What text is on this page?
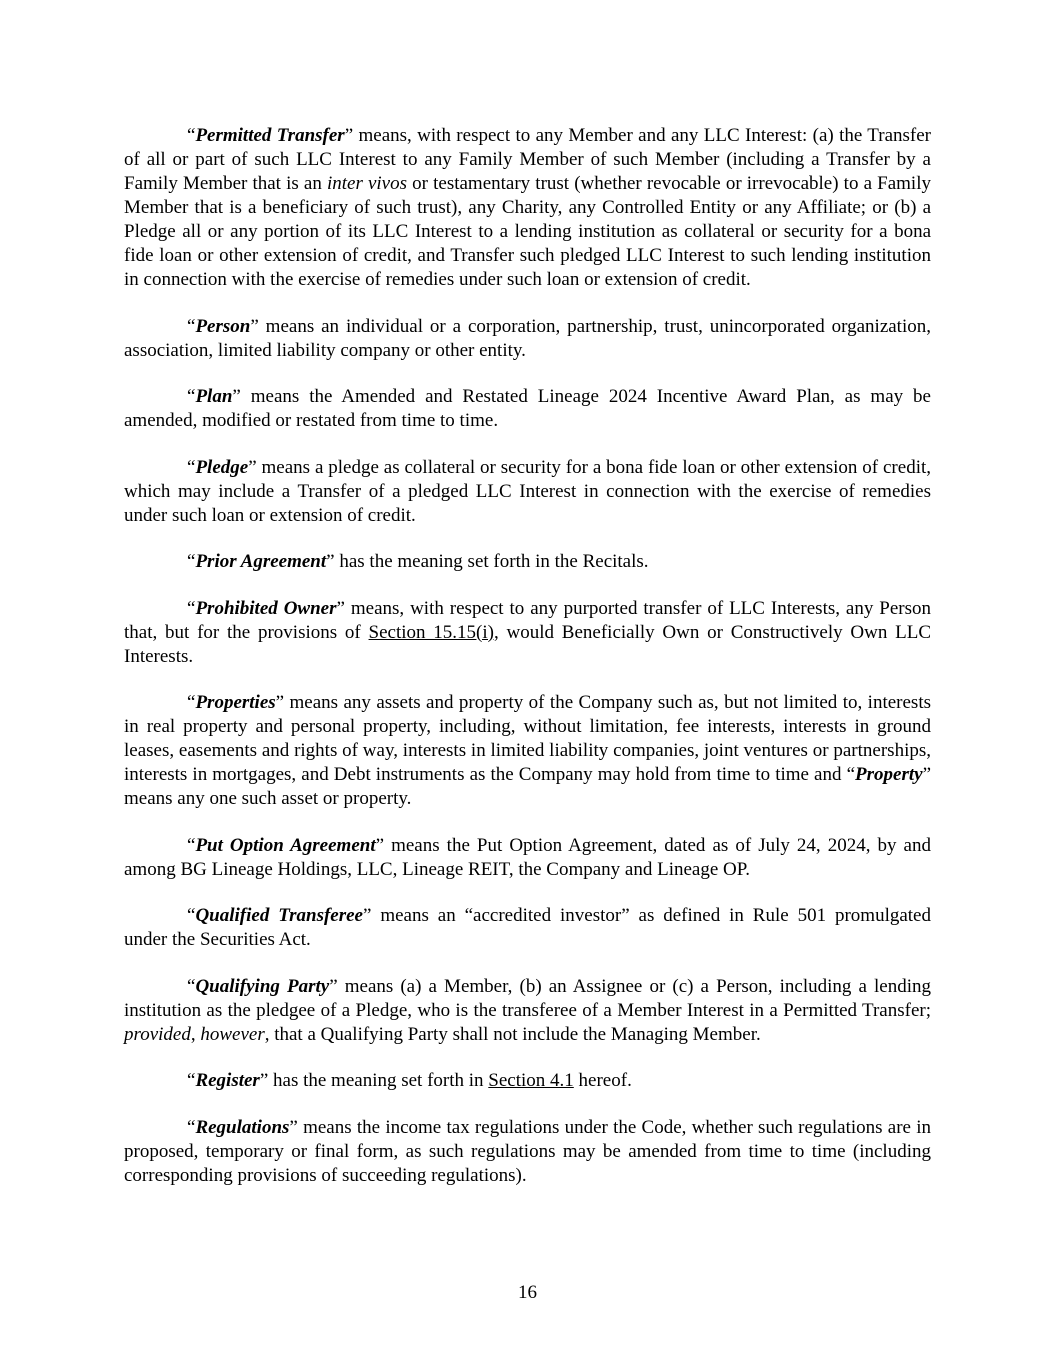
“Permitted Transfer” means, with respect to any Member and any LLC Interest: (a) the Transfer of all or part of such LLC Interest to any Family Member of such Member (including a Transfer by a Family Member that is an inter vivos or testamentary trust (whether revocable or irrevocable) to a Family Member that is a beneficiary of such trust), any Charity, any Controlled Entity or any Affiliate; or (b) a Pledge all or any portion of its LLC Interest to a lending institution as collateral or security for a bona fide loan or other extension of credit, and Transfer such pledged LLC Interest to such lending institution in connection with the exercise of remedies under such loan or extension of credit.

“Person” means an individual or a corporation, partnership, trust, unincorporated organization, association, limited liability company or other entity.

“Plan” means the Amended and Restated Lineage 2024 Incentive Award Plan, as may be amended, modified or restated from time to time.

“Pledge” means a pledge as collateral or security for a bona fide loan or other extension of credit, which may include a Transfer of a pledged LLC Interest in connection with the exercise of remedies under such loan or extension of credit.

“Prior Agreement” has the meaning set forth in the Recitals.

“Prohibited Owner” means, with respect to any purported transfer of LLC Interests, any Person that, but for the provisions of Section 15.15(i), would Beneficially Own or Constructively Own LLC Interests.

“Properties” means any assets and property of the Company such as, but not limited to, interests in real property and personal property, including, without limitation, fee interests, interests in ground leases, easements and rights of way, interests in limited liability companies, joint ventures or partnerships, interests in mortgages, and Debt instruments as the Company may hold from time to time and “Property” means any one such asset or property.

“Put Option Agreement” means the Put Option Agreement, dated as of July 24, 2024, by and among BG Lineage Holdings, LLC, Lineage REIT, the Company and Lineage OP.

“Qualified Transferee” means an “accredited investor” as defined in Rule 501 promulgated under the Securities Act.

“Qualifying Party” means (a) a Member, (b) an Assignee or (c) a Person, including a lending institution as the pledgee of a Pledge, who is the transferee of a Member Interest in a Permitted Transfer; provided, however, that a Qualifying Party shall not include the Managing Member.

“Register” has the meaning set forth in Section 4.1 hereof.

“Regulations” means the income tax regulations under the Code, whether such regulations are in proposed, temporary or final form, as such regulations may be amended from time to time (including corresponding provisions of succeeding regulations).

16
